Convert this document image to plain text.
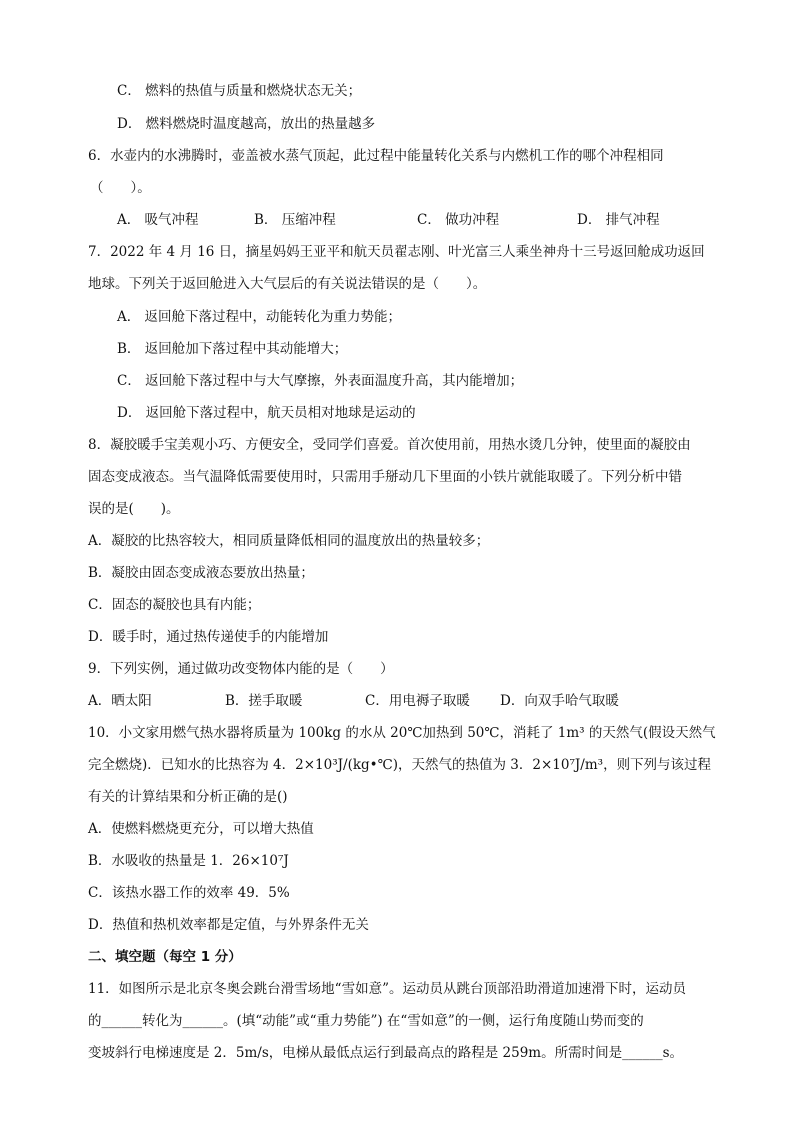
C． 燃料的热值与质量和燃烧状态无关；
D． 燃料燃烧时温度越高，放出的热量越多
6．水壶内的水沸腾时，壶盖被水蒸气顶起，此过程中能量转化关系与内燃机工作的哪个冲程相同
（　　）。
A． 吸气冲程	B． 压缩冲程	C． 做功冲程	D． 排气冲程
7．2022 年 4 月 16 日，摘星妈妈王亚平和航天员翟志刚、叶光富三人乘坐神舟十三号返回舱成功返回
地球。下列关于返回舱进入大气层后的有关说法错误的是（　　）。
A． 返回舱下落过程中，动能转化为重力势能；
B． 返回舱加下落过程中其动能增大；
C． 返回舱下落过程中与大气摩擦，外表面温度升高，其内能增加；
D． 返回舱下落过程中，航天员相对地球是运动的
8．凝胶暖手宝美观小巧、方便安全，受同学们喜爱。首次使用前，用热水烫几分钟，使里面的凝胶由
固态变成液态。当气温降低需要使用时，只需用手掰动几下里面的小铁片就能取暖了。下列分析中错
误的是(　　)。
A．凝胶的比热容较大，相同质量降低相同的温度放出的热量较多；
B．凝胶由固态变成液态要放出热量；
C．固态的凝胶也具有内能；
D．暖手时，通过热传递使手的内能增加
9．下列实例，通过做功改变物体内能的是（　　）
A．晒太阳	B．搓手取暖	C．用电褥子取暖	D．向双手哈气取暖
10．小文家用燃气热水器将质量为 100kg 的水从 20℃加热到 50℃，消耗了 1m³ 的天然气(假设天然气
完全燃烧)．已知水的比热容为 4．2×10³J/(kg•℃)，天然气的热值为 3．2×10⁷J/m³，则下列与该过程
有关的计算结果和分析正确的是()
A．使燃料燃烧更充分，可以增大热值
B．水吸收的热量是 1．26×10⁷J
C．该热水器工作的效率 49．5%
D．热值和热机效率都是定值，与外界条件无关
二、填空题（每空 1 分）
11．如图所示是北京冬奥会跳台滑雪场地“雪如意”。运动员从跳台顶部沿助滑道加速滑下时，运动员
的______转化为______。(填“动能”或“重力势能”) 在“雪如意”的一侧，运行角度随山势而变的
变坡斜行电梯速度是 2．5m/s，电梯从最低点运行到最高点的路程是 259m。所需时间是______s。
